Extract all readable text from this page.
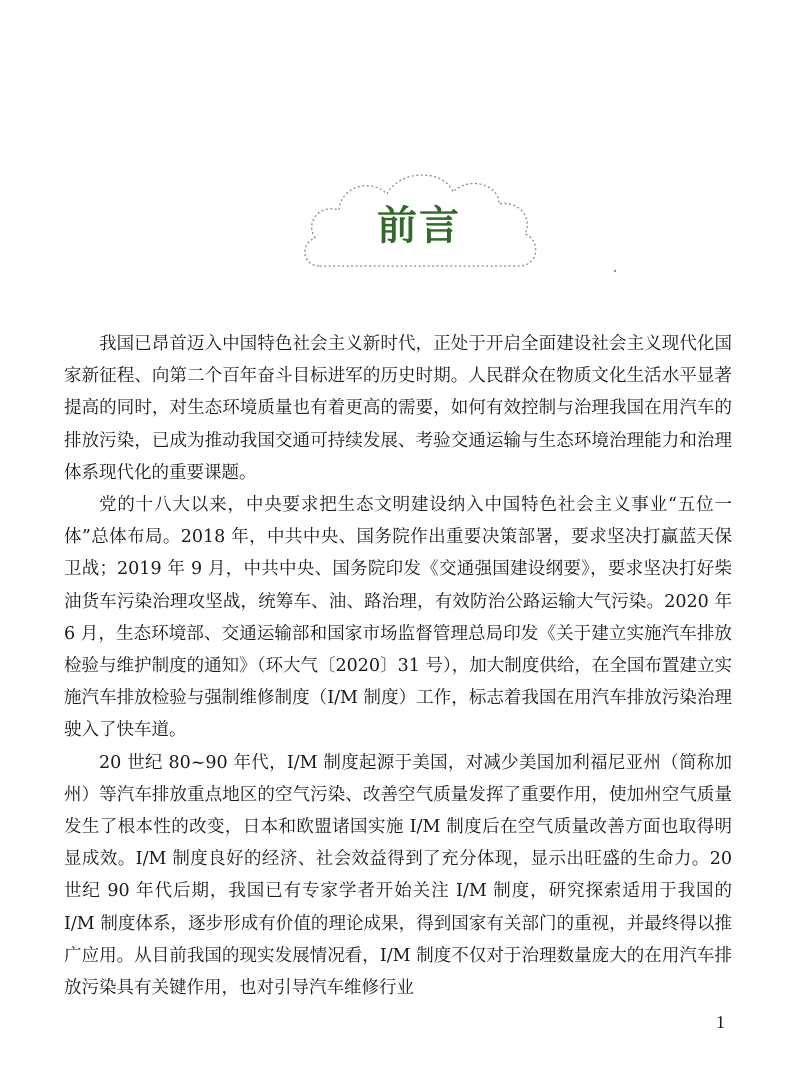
前言

我国已昂首迈入中国特色社会主义新时代，正处于开启全面建设社会主义现代化国家新征程、向第二个百年奋斗目标进军的历史时期。人民群众在物质文化生活水平显著提高的同时，对生态环境质量也有着更高的需要，如何有效控制与治理我国在用汽车的排放污染，已成为推动我国交通可持续发展、考验交通运输与生态环境治理能力和治理体系现代化的重要课题。

党的十八大以来，中央要求把生态文明建设纳入中国特色社会主义事业“五位一体”总体布局。2018 年，中共中央、国务院作出重要决策部署，要求坚决打赢蓝天保卫战；2019 年 9 月，中共中央、国务院印发《交通强国建设纲要》，要求坚决打好柴油货车污染治理攻坚战，统筹车、油、路治理，有效防治公路运输大气污染。2020 年 6 月，生态环境部、交通运输部和国家市场监督管理总局印发《关于建立实施汽车排放检验与维护制度的通知》（环大气〔2020〕31 号），加大制度供给，在全国布置建立实施汽车排放检验与强制维修制度（I/M 制度）工作，标志着我国在用汽车排放污染治理驶入了快车道。

20 世纪 80~90 年代，I/M 制度起源于美国，对减少美国加利福尼亚州（简称加州）等汽车排放重点地区的空气污染、改善空气质量发挥了重要作用，使加州空气质量发生了根本性的改变，日本和欧盟诸国实施 I/M 制度后在空气质量改善方面也取得明显成效。I/M 制度良好的经济、社会效益得到了充分体现，显示出旺盛的生命力。20 世纪 90 年代后期，我国已有专家学者开始关注 I/M 制度，研究探索适用于我国的 I/M 制度体系，逐步形成有价值的理论成果，得到国家有关部门的重视，并最终得以推广应用。从目前我国的现实发展情况看，I/M 制度不仅对于治理数量庞大的在用汽车排放污染具有关键作用，也对引导汽车维修行业

1
